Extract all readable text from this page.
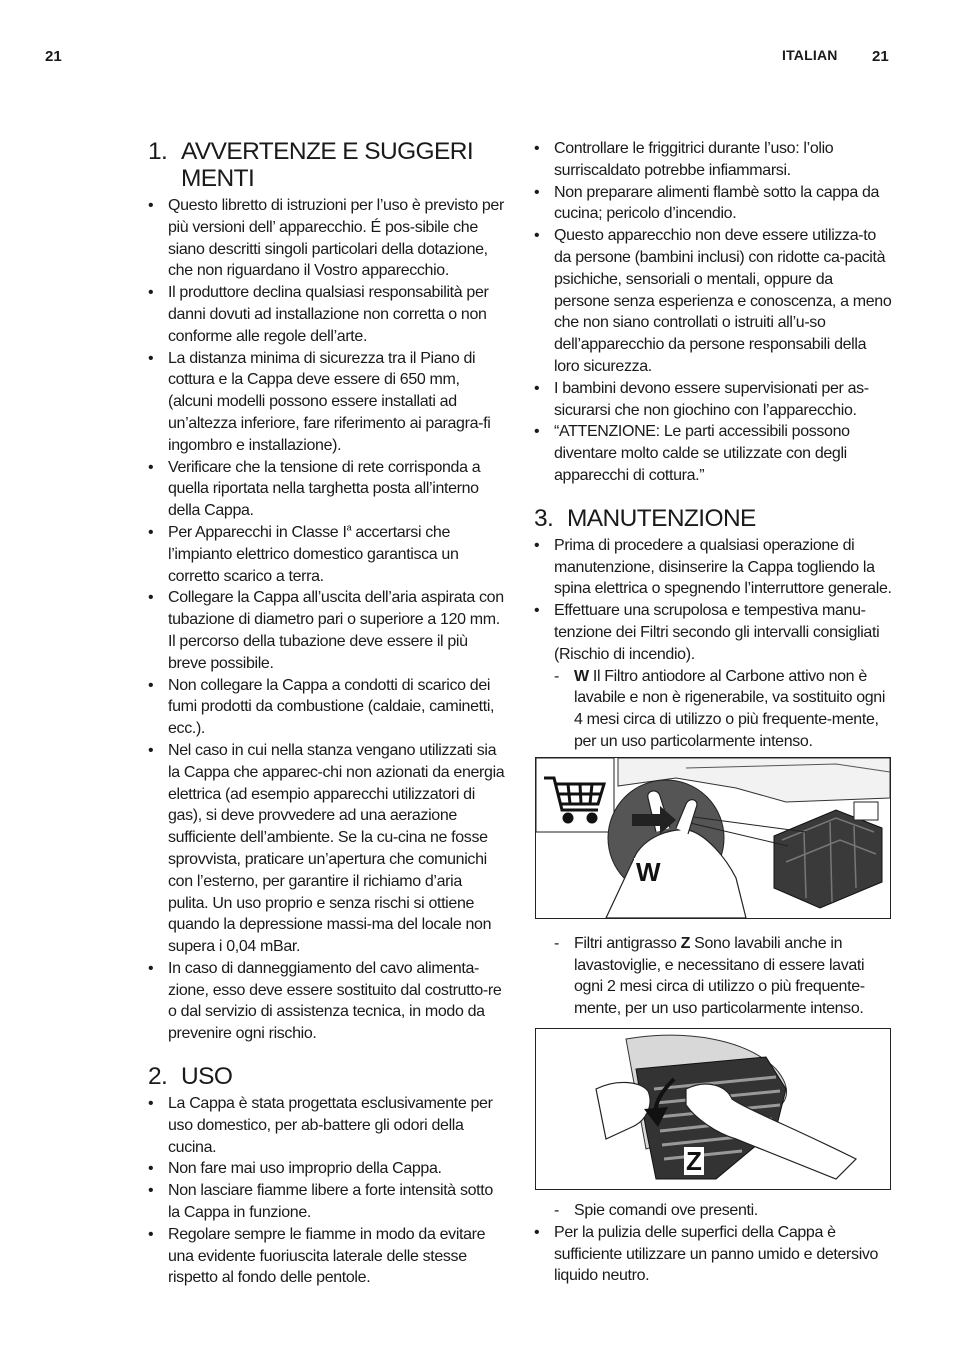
21	ITALIAN 21
1. AVVERTENZE E SUGGERI MENTI
• Questo libretto di istruzioni per l’uso è previsto per più versioni dell’ apparecchio. É pos-sibile che siano descritti singoli particolari della dotazione, che non riguardano il Vostro apparecchio.
• Il produttore declina qualsiasi responsabilità per danni dovuti ad installazione non corretta o non conforme alle regole dell’arte.
• La distanza minima di sicurezza tra il Piano di cottura e la Cappa deve essere di 650 mm, (alcuni modelli possono essere installati ad un’altezza inferiore, fare riferimento ai paragra-fi ingombro e installazione).
• Verificare che la tensione di rete corrisponda a quella riportata nella targhetta posta all’interno della Cappa.
• Per Apparecchi in Classe $I^a$ accertarsi che l’impianto elettrico domestico garantisca un corretto scarico a terra.
• Collegare la Cappa all’uscita dell’aria aspirata con tubazione di diametro pari o superiore a 120 mm. Il percorso della tubazione deve essere il più breve possibile.
• Non collegare la Cappa a condotti di scarico dei fumi prodotti da combustione (caldaie, caminetti, ecc.).
• Nel caso in cui nella stanza vengano utilizzati sia la Cappa che apparec-chi non azionati da energia elettrica (ad esempio apparecchi utilizzatori di gas), si deve provvedere ad una aerazione sufficiente dell’ambiente. Se la cu-cina ne fosse sprovvista, praticare un’apertura che comunichi con l’esterno, per garantire il richiamo d’aria pulita. Un uso proprio e senza rischi si ottiene quando la depressione massi-ma del locale non supera i 0,04 mBar.
• In caso di danneggiamento del cavo alimenta-zione, esso deve essere sostituito dal costrutto-re o dal servizio di assistenza tecnica, in modo da prevenire ogni rischio.
2. USO
• La Cappa è stata progettata esclusivamente per uso domestico, per ab-battere gli odori della cucina.
• Non fare mai uso improprio della Cappa.
• Non lasciare fiamme libere a forte intensità sotto la Cappa in funzione.
• Regolare sempre le fiamme in modo da evitare una evidente fuoriuscita laterale delle stesse rispetto al fondo delle pentole.
• Controllare le friggitrici durante l’uso: l’olio surriscaldato potrebbe infiammarsi.
• Non preparare alimenti flambè sotto la cappa da cucina; pericolo d’incendio.
• Questo apparecchio non deve essere utilizza-to da persone (bambini inclusi) con ridotte ca-pacità psichiche, sensoriali o mentali, oppure da persone senza esperienza e conoscenza, a meno che non siano controllati o istruiti all’u-so dell’apparecchio da persone responsabili della loro sicurezza.
• I bambini devono essere supervisionati per as-sicurarsi che non giochino con l’apparecchio.
• “ATTENZIONE: Le parti accessibili possono diventare molto calde se utilizzate con degli apparecchi di cottura.”
3. MANUTENZIONE
• Prima di procedere a qualsiasi operazione di manutenzione, disinserire la Cappa togliendo la spina elettrica o spegnendo l’interruttore generale.
• Effettuare una scrupolosa e tempestiva manu-tenzione dei Filtri secondo gli intervalli consigliati (Rischio di incendio).
- W Il Filtro antiodore al Carbone attivo non è lavabile e non è rigenerabile, va sostituito ogni 4 mesi circa di utilizzo o più frequente-mente, per un uso particolarmente intenso.
W
- Filtri antigrasso Z Sono lavabili anche in lavastoviglie, e necessitano di essere lavati ogni 2 mesi circa di utilizzo o più frequente-mente, per un uso particolarmente intenso.
Z
- Spie comandi ove presenti.
• Per la pulizia delle superfici della Cappa è sufficiente utilizzare un panno umido e detersivo liquido neutro.
